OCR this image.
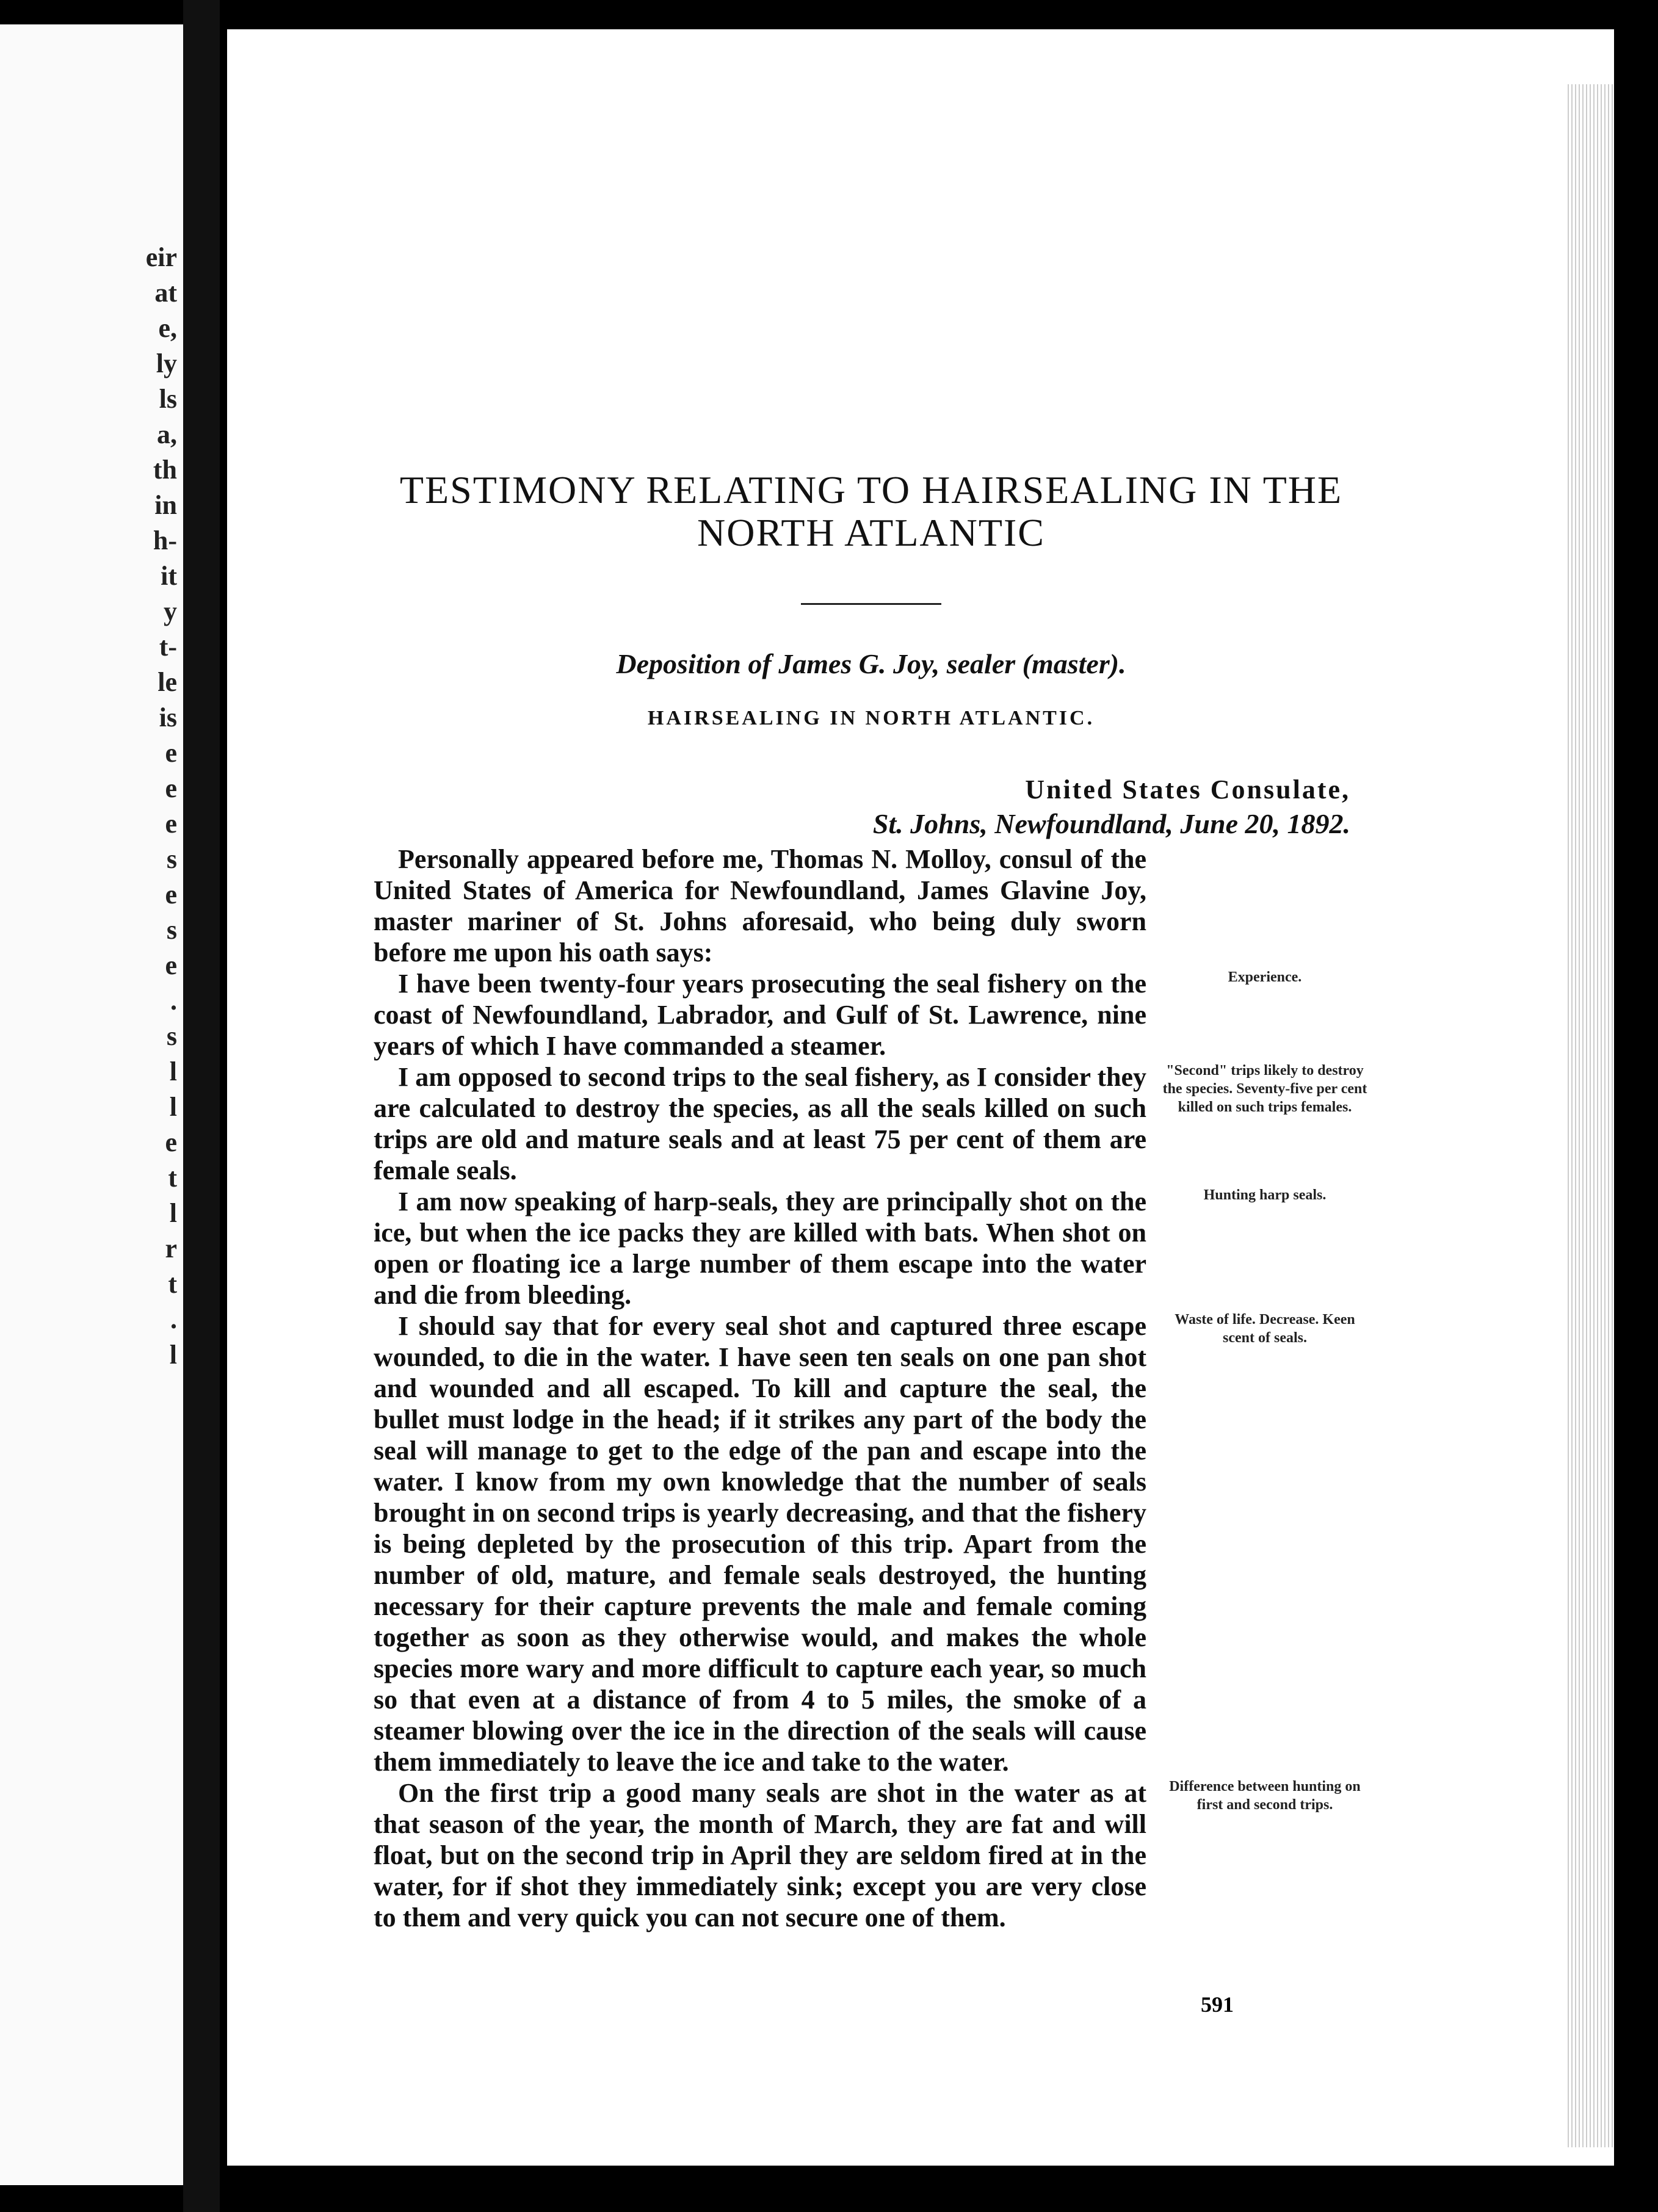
eir
at
e,
ly
ls
a,
th
in
h-
it
y
t-
le
is
e
e
e
s
e
s
e
.
s
l
l
e
t
l
r
t
.
l
TESTIMONY RELATING TO HAIRSEALING IN THE NORTH ATLANTIC
Deposition of James G. Joy, sealer (master).
HAIRSEALING IN NORTH ATLANTIC.
United States Consulate,
St. Johns, Newfoundland, June 20, 1892.

Personally appeared before me, Thomas N. Molloy, consul of the United States of America for Newfoundland, James Glavine Joy, master mariner of St. Johns aforesaid, who being duly sworn before me upon his oath says:

I have been twenty-four years prosecuting the seal fishery on the coast of Newfoundland, Labrador, and Gulf of St. Lawrence, nine years of which I have commanded a steamer.

Experience.

I am opposed to second trips to the seal fishery, as I consider they are calculated to destroy the species, as all the seals killed on such trips are old and mature seals and at least 75 per cent of them are female seals.

"Second" trips likely to destroy the species. Seventy-five per cent killed on such trips females.

I am now speaking of harp-seals, they are principally shot on the ice, but when the ice packs they are killed with bats. When shot on open or floating ice a large number of them escape into the water and die from bleeding.

Hunting harp seals.

I should say that for every seal shot and captured three escape wounded, to die in the water. I have seen ten seals on one pan shot and wounded and all escaped. To kill and capture the seal, the bullet must lodge in the head; if it strikes any part of the body the seal will manage to get to the edge of the pan and escape into the water. I know from my own knowledge that the number of seals brought in on second trips is yearly decreasing, and that the fishery is being depleted by the prosecution of this trip. Apart from the number of old, mature, and female seals destroyed, the hunting necessary for their capture prevents the male and female coming together as soon as they otherwise would, and makes the whole species more wary and more difficult to capture each year, so much so that even at a distance of from 4 to 5 miles, the smoke of a steamer blowing over the ice in the direction of the seals will cause them immediately to leave the ice and take to the water.

Waste of life. Decrease. Keen scent of seals.

On the first trip a good many seals are shot in the water as at that season of the year, the month of March, they are fat and will float, but on the second trip in April they are seldom fired at in the water, for if shot they immediately sink; except you are very close to them and very quick you can not secure one of them.

Difference between hunting on first and second trips.
591
